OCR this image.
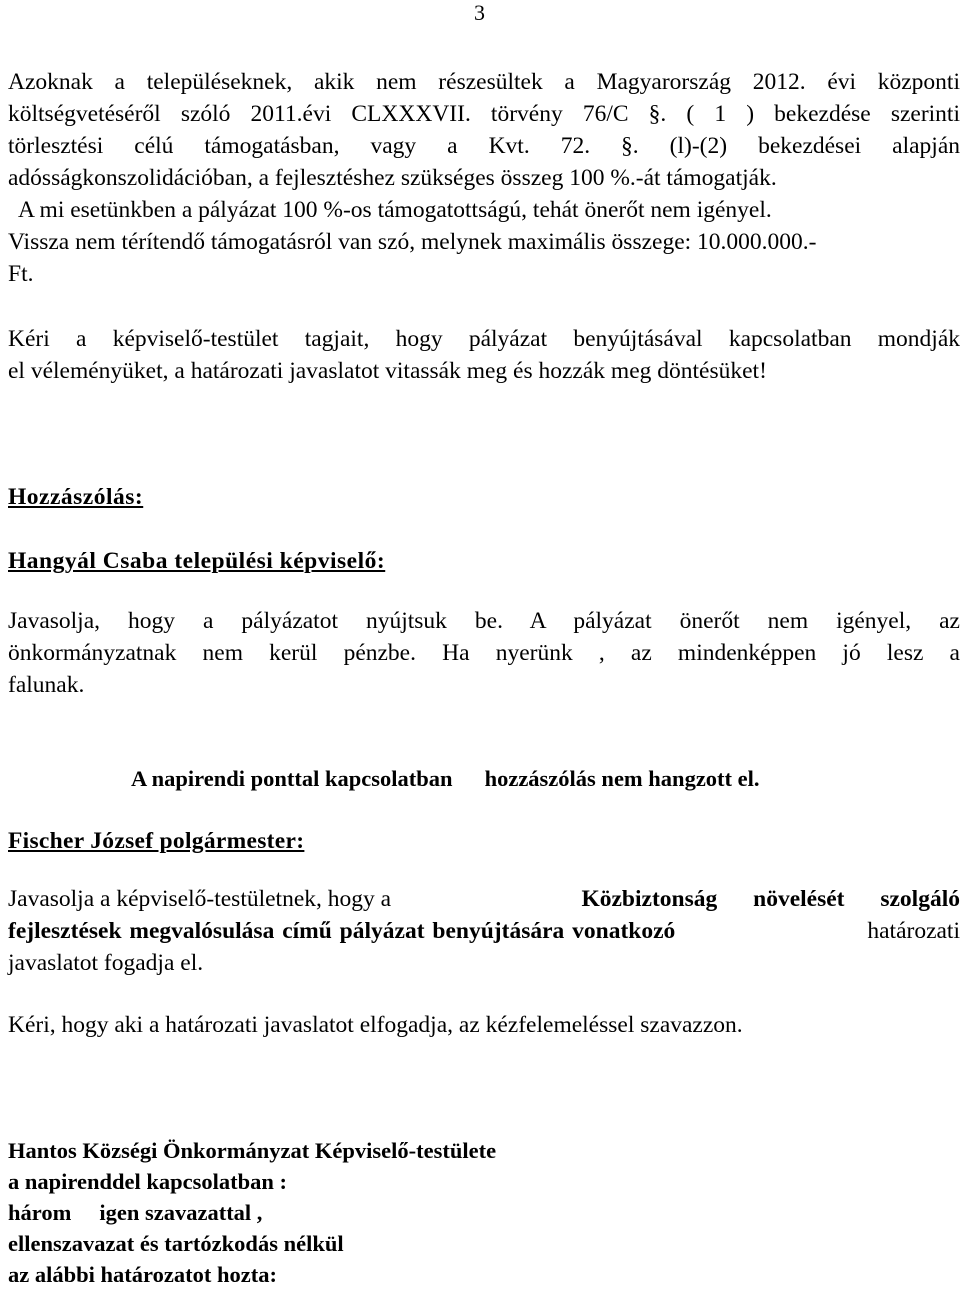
3
Azoknak a településeknek, akik nem részesültek a Magyarország 2012. évi központi
költségvetéséről szóló 2011.évi CLXXXVII. törvény 76/C §. ( 1 ) bekezdése szerinti
törlesztési célú támogatásban, vagy a Kvt. 72. §. (l)-(2) bekezdései alapján
adósságkonszolidációban, a fejlesztéshez szükséges összeg 100 %.-át támogatják.
A mi esetünkben a pályázat 100 %-os támogatottságú, tehát önerőt nem igényel.
Vissza nem térítendő támogatásról van szó, melynek maximális összege: 10.000.000.-
Ft.
Kéri a képviselő-testület tagjait, hogy pályázat benyújtásával kapcsolatban mondják
el véleményüket, a határozati javaslatot vitassák meg és hozzák meg döntésüket!
Hozzászólás:
Hangyál Csaba települési képviselő:
Javasolja, hogy a pályázatot nyújtsuk be. A pályázat önerőt nem igényel, az
önkormányzatnak nem kerül pénzbe. Ha nyerünk , az mindenképpen jó lesz a
falunak.
A napirendi ponttal kapcsolatban hozzászólás nem hangzott el.
Fischer József polgármester:
Javasolja a képviselő-testületnek, hogy a	Közbiztonság növelését szolgáló
fejlesztések megvalósulása című pályázat benyújtására vonatkozó	határozati
javaslatot fogadja el.
Kéri, hogy aki a határozati javaslatot elfogadja, az kézfelemeléssel szavazzon.
Hantos Községi Önkormányzat Képviselő-testülete
a napirenddel kapcsolatban :
három igen szavazattal ,
ellenszavazat és tartózkodás nélkül
az alábbi határozatot hozta:
